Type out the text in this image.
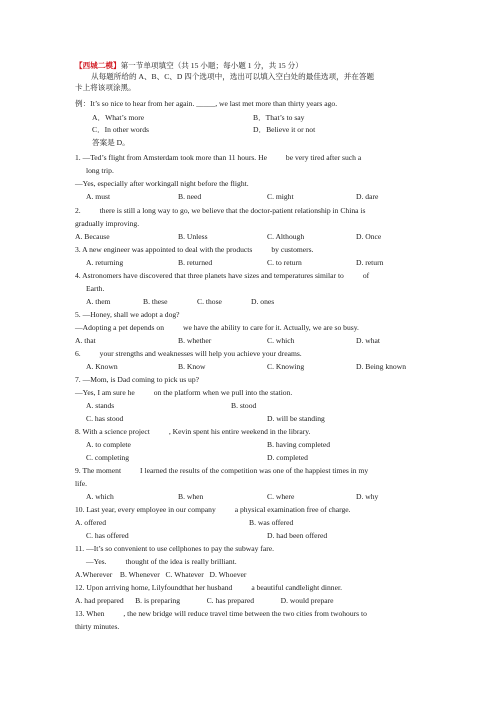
【西城二模】第一节单项填空（共 15 小题；每小题 1 分，共 15 分）
从每题所给的 A、B、C、D 四个选项中，选出可以填入空白处的最佳选项，并在答题
卡上将该项涂黑。
例：It’s so nice to hear from her again. _____, we last met more than thirty years ago.
A．What’s more	B．That’s to say
C．In other words	D．Believe it or not
答案是 D。
1. —Ted’s flight from Amsterdam took more than 11 hours. He          be very tired after such a
long trip.
—Yes, especially after workingall night before the flight.
A. must	B. need	C. might	D. dare
2.          there is still a long way to go, we believe that the doctor-patient relationship in China is
gradually improving.
A. Because	B. Unless	C. Although	D. Once
3. A new engineer was appointed to deal with the products          by customers.
A. returning	B. returned	C. to return	D. return
4. Astronomers have discovered that three planets have sizes and temperatures similar to          of
Earth.
A. them	B. these	C. those	D. ones
5. —Honey, shall we adopt a dog?
—Adopting a pet depends on          we have the ability to care for it. Actually, we are so busy.
A. that	B. whether	C. which	D. what
6.          your strengths and weaknesses will help you achieve your dreams.
A. Known	B. Know	C. Knowing	D. Being known
7. —Mom, is Dad coming to pick us up?
—Yes, I am sure he          on the platform when we pull into the station.
A. stands	B. stood
C. has stood	D. will be standing
8. With a science project          , Kevin spent his entire weekend in the library.
A. to complete	B. having completed
C. completing	D. completed
9. The moment          I learned the results of the competition was one of the happiest times in my
life.
A. which	B. when	C. where	D. why
10. Last year, every employee in our company          a physical examination free of charge.
A. offered	B. was offered
C. has offered	D. had been offered
11. —It’s so convenient to use cellphones to pay the subway fare.
—Yes.          thought of the idea is really brilliant.
A.Wherever    B. Whenever   C. Whatever   D. Whoever
12. Upon arriving home, Lilyfoundthat her husband          a beautiful candlelight dinner.
A. had prepared      B. is preparing              C. has prepared              D. would prepare
13. When          , the new bridge will reduce travel time between the two cities from twohours to
thirty minutes.
